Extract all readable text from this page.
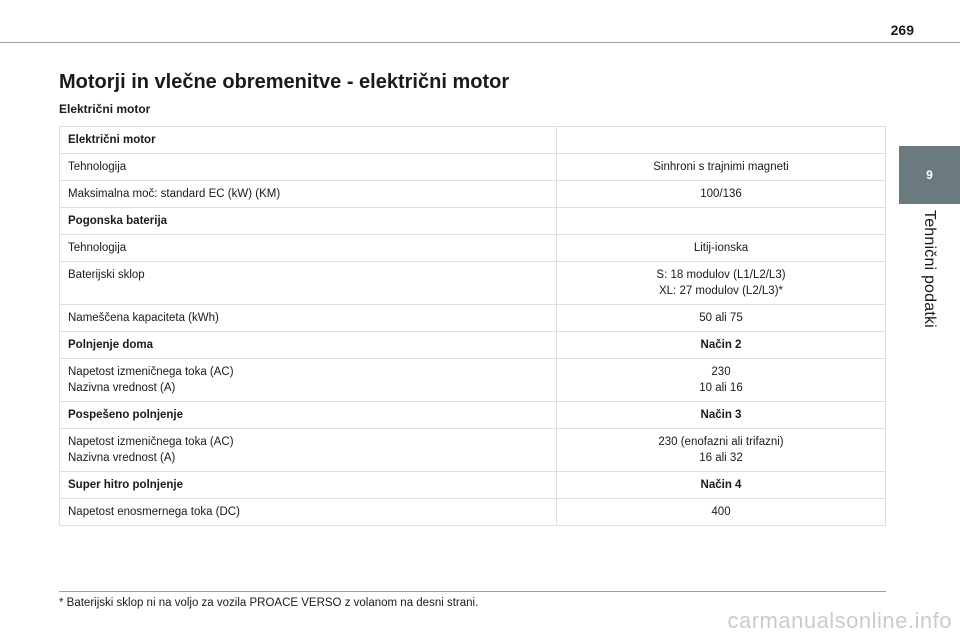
269
9
Tehnični podatki
Motorji in vlečne obremenitve - električni motor
Električni motor
Električni motor	

Tehnologija	Sinhroni s trajnimi magneti

Maksimalna moč: standard EC (kW) (KM)	100/136

Pogonska baterija	

Tehnologija	Litij-ionska

Baterijski sklop	S: 18 modulov (L1/L2/L3)
XL: 27 modulov (L2/L3)*

Nameščena kapaciteta (kWh)	50 ali 75

Polnjenje doma	Način 2

Napetost izmeničnega toka (AC)
Nazivna vrednost (A)	230
10 ali 16

Pospešeno polnjenje	Način 3

Napetost izmeničnega toka (AC)
Nazivna vrednost (A)	230 (enofazni ali trifazni)
16 ali 32

Super hitro polnjenje	Način 4

Napetost enosmernega toka (DC)	400
* Baterijski sklop ni na voljo za vozila PROACE VERSO z volanom na desni strani.
carmanualsonline.info
